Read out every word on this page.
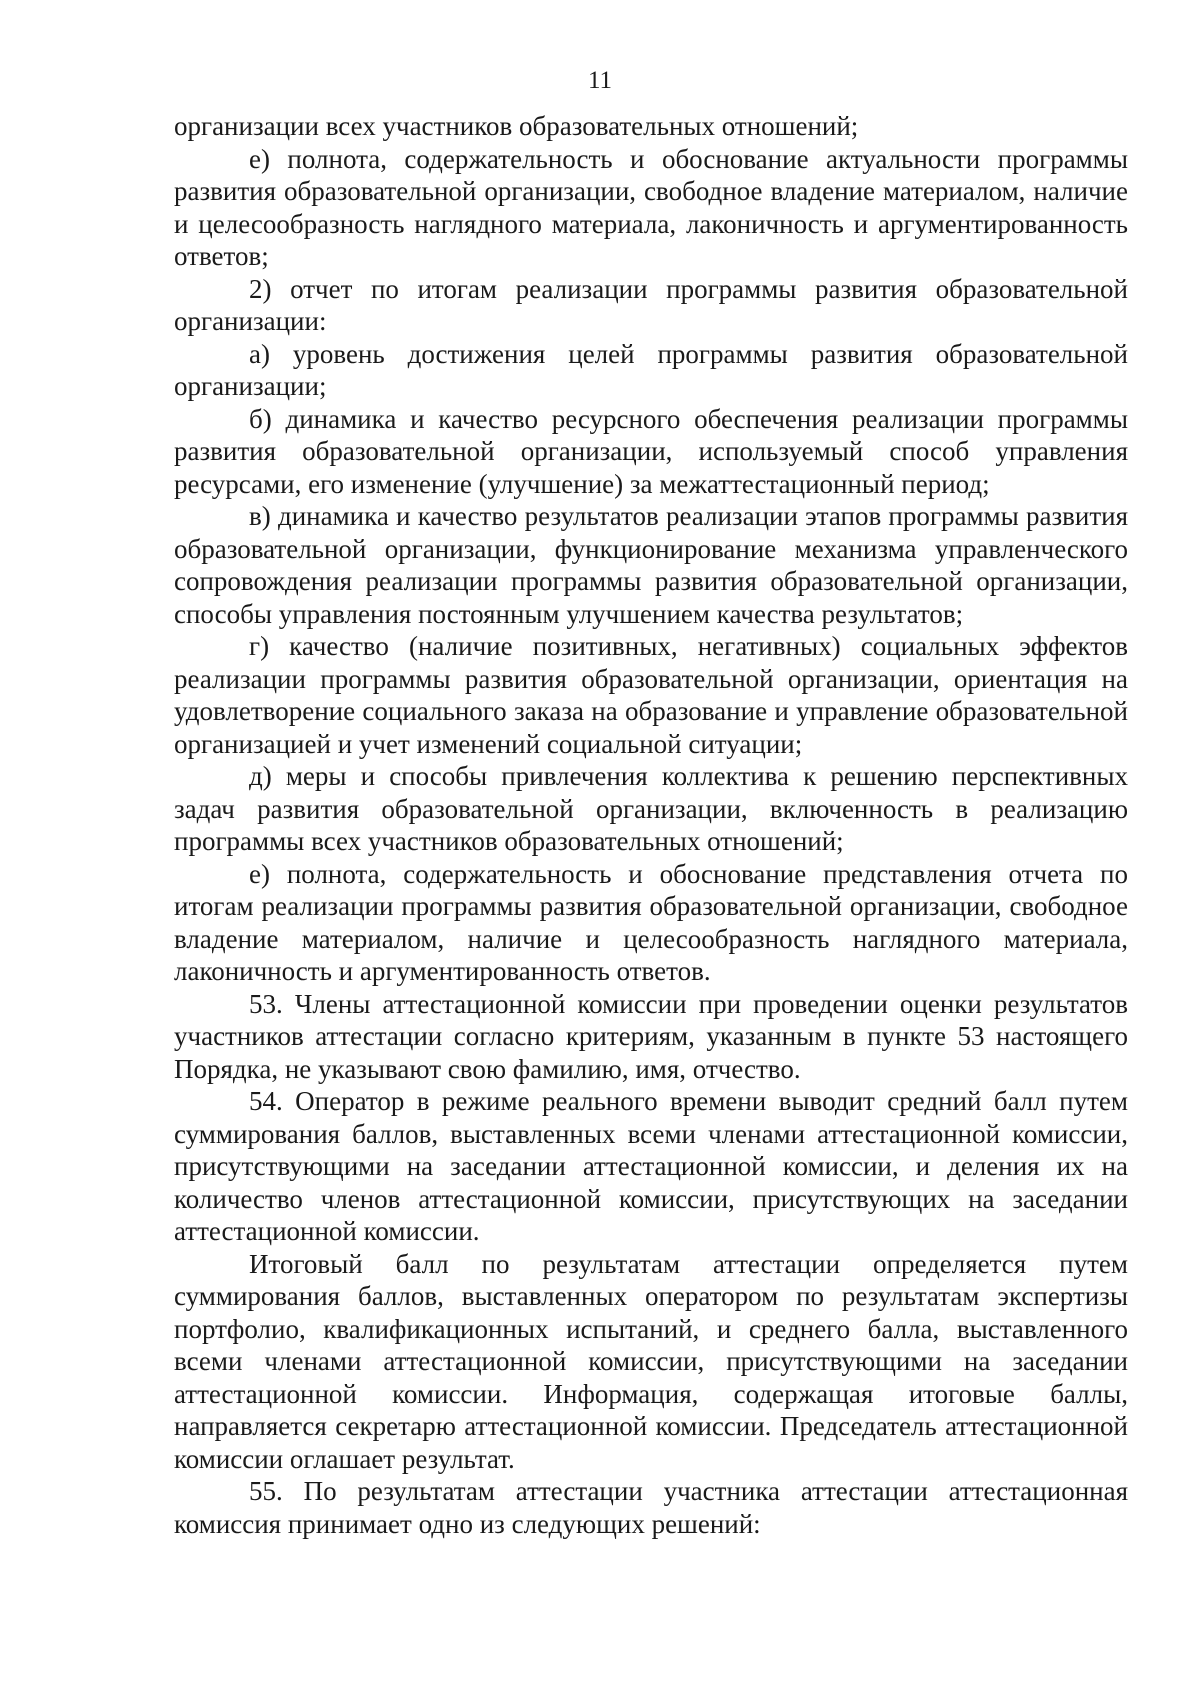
11

организации всех участников образовательных отношений;

е) полнота, содержательность и обоснование актуальности программы развития образовательной организации, свободное владение материалом, наличие и целесообразность наглядного материала, лаконичность и аргументированность ответов;

2) отчет по итогам реализации программы развития образовательной организации:

а) уровень достижения целей программы развития образовательной организации;

б) динамика и качество ресурсного обеспечения реализации программы развития образовательной организации, используемый способ управления ресурсами, его изменение (улучшение) за межаттестационный период;

в) динамика и качество результатов реализации этапов программы развития образовательной организации, функционирование механизма управленческого сопровождения реализации программы развития образовательной организации, способы управления постоянным улучшением качества результатов;

г) качество (наличие позитивных, негативных) социальных эффектов реализации программы развития образовательной организации, ориентация на удовлетворение социального заказа на образование и управление образовательной организацией и учет изменений социальной ситуации;

д) меры и способы привлечения коллектива к решению перспективных задач развития образовательной организации, включенность в реализацию программы всех участников образовательных отношений;

е) полнота, содержательность и обоснование представления отчета по итогам реализации программы развития образовательной организации, свободное владение материалом, наличие и целесообразность наглядного материала, лаконичность и аргументированность ответов.

53. Члены аттестационной комиссии при проведении оценки результатов участников аттестации согласно критериям, указанным в пункте 53 настоящего Порядка, не указывают свою фамилию, имя, отчество.

54. Оператор в режиме реального времени выводит средний балл путем суммирования баллов, выставленных всеми членами аттестационной комиссии, присутствующими на заседании аттестационной комиссии, и деления их на количество членов аттестационной комиссии, присутствующих на заседании аттестационной комиссии.

Итоговый балл по результатам аттестации определяется путем суммирования баллов, выставленных оператором по результатам экспертизы портфолио, квалификационных испытаний, и среднего балла, выставленного всеми членами аттестационной комиссии, присутствующими на заседании аттестационной комиссии. Информация, содержащая итоговые баллы, направляется секретарю аттестационной комиссии. Председатель аттестационной комиссии оглашает результат.

55. По результатам аттестации участника аттестации аттестационная комиссия принимает одно из следующих решений:
